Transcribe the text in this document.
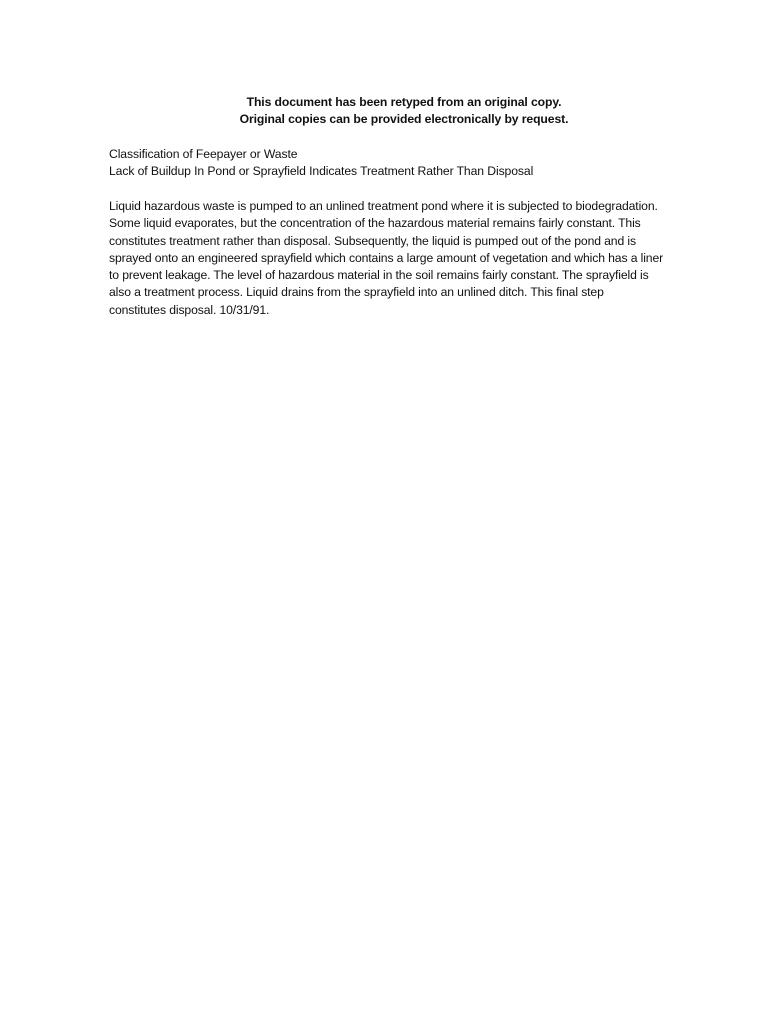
This document has been retyped from an original copy.
Original copies can be provided electronically by request.
Classification of Feepayer or Waste
Lack of Buildup In Pond or Sprayfield Indicates Treatment Rather Than Disposal
Liquid hazardous waste is pumped to an unlined treatment pond where it is subjected to biodegradation.
Some liquid evaporates, but the concentration of the hazardous material remains fairly constant. This
constitutes treatment rather than disposal. Subsequently, the liquid is pumped out of the pond and is
sprayed onto an engineered sprayfield which contains a large amount of vegetation and which has a liner
to prevent leakage. The level of hazardous material in the soil remains fairly constant. The sprayfield is
also a treatment process. Liquid drains from the sprayfield into an unlined ditch. This final step
constitutes disposal. 10/31/91.
